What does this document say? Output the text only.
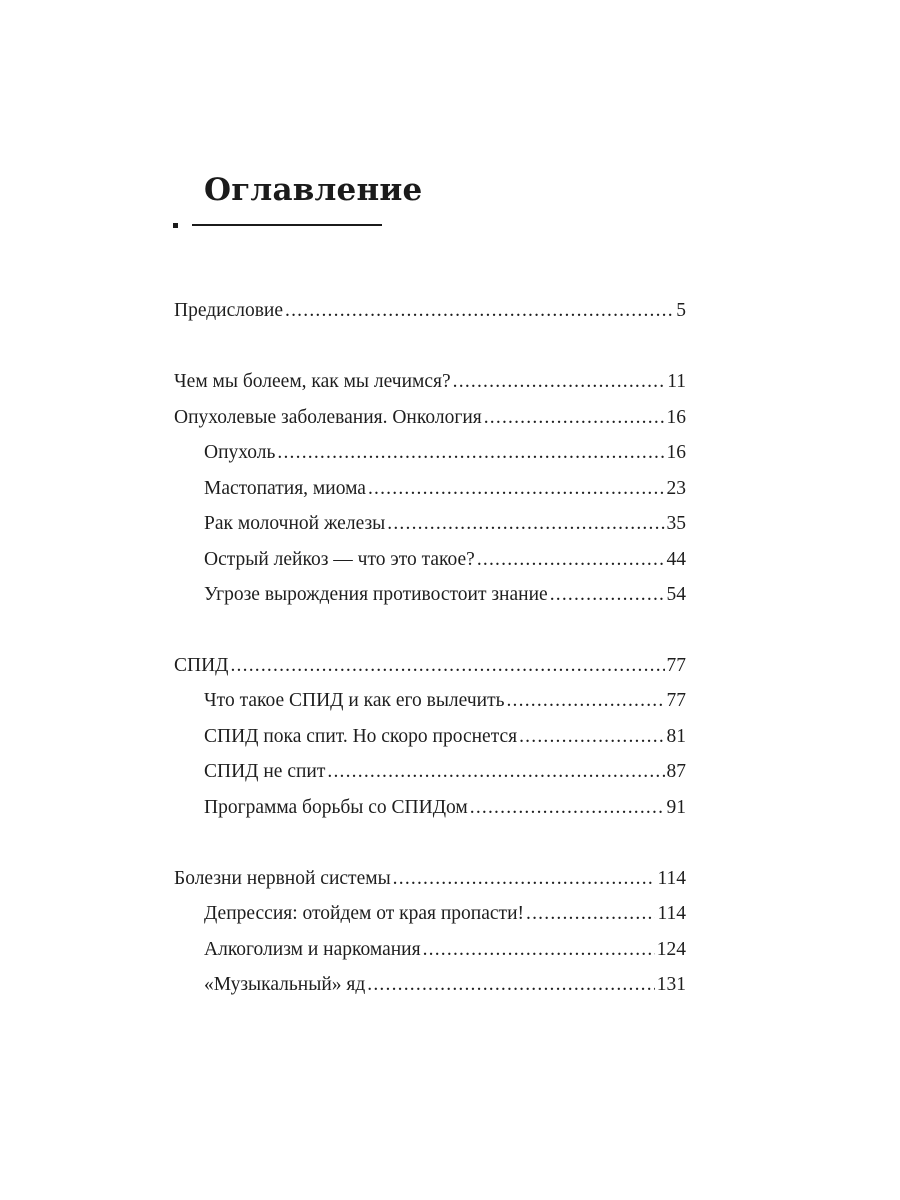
Оглавление
Предисловие .....	5
Чем мы болеем, как мы лечимся? .....	11
Опухолевые заболевания. Онкология .....	16
Опухоль .....	16
Мастопатия, миома .....	23
Рак молочной железы .....	35
Острый лейкоз — что это такое? .....	44
Угрозе вырождения противостоит знание .....	54
СПИД .....	77
Что такое СПИД и как его вылечить .....	77
СПИД пока спит. Но скоро проснется .....	81
СПИД не спит .....	87
Программа борьбы со СПИДом .....	91
Болезни нервной системы .....	114
Депрессия: отойдем от края пропасти! .....	114
Алкоголизм и наркомания .....	124
«Музыкальный» яд .....	131
